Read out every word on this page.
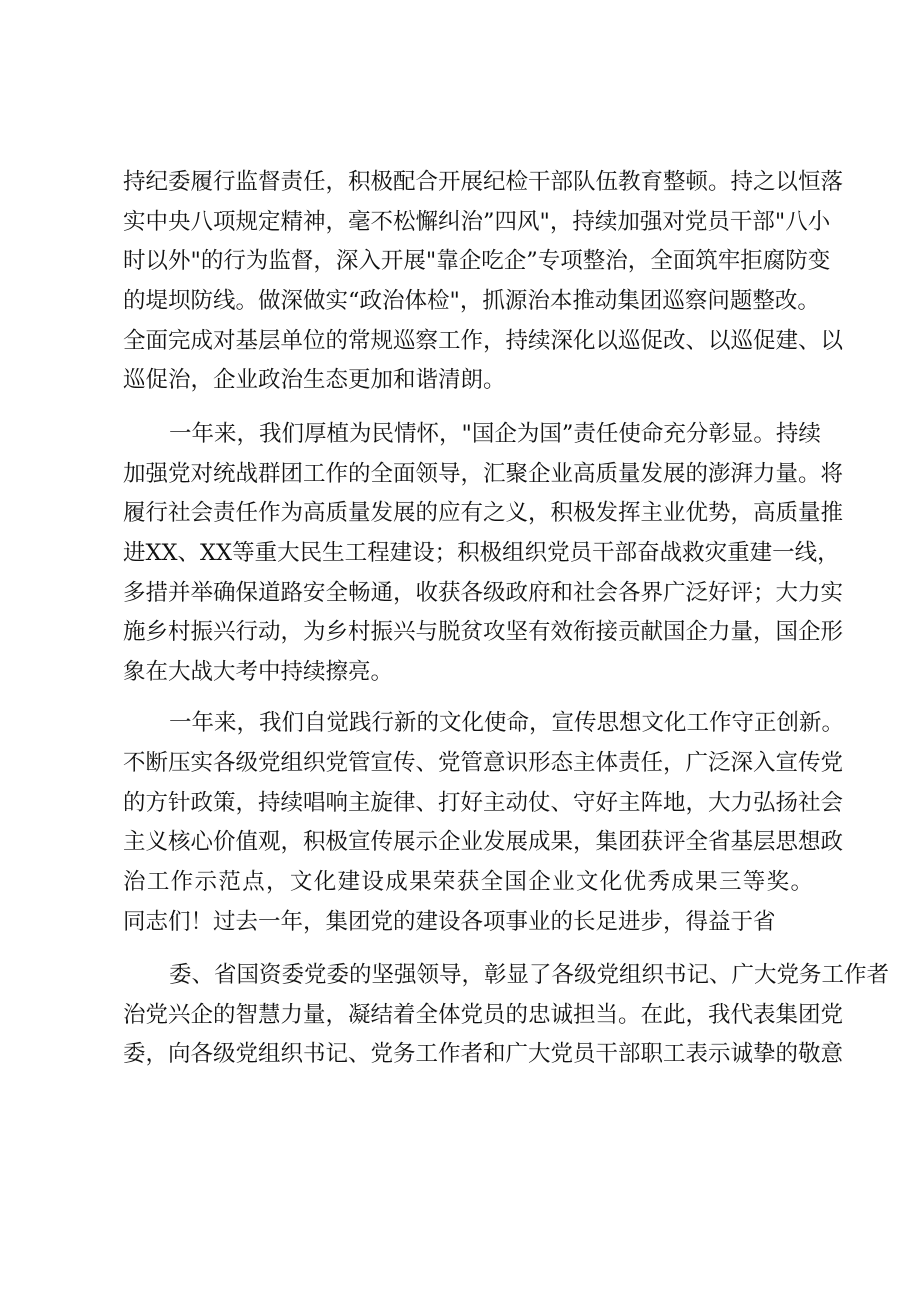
持纪委履行监督责任，积极配合开展纪检干部队伍教育整顿。持之以恒落
实中央八项规定精神，毫不松懈纠治”四风"，持续加强对党员干部"八小
时以外"的行为监督，深入开展"靠企吃企”专项整治，全面筑牢拒腐防变
的堤坝防线。做深做实“政治体检"，抓源治本推动集团巡察问题整改。
全面完成对基层单位的常规巡察工作，持续深化以巡促改、以巡促建、以
巡促治，企业政治生态更加和谐清朗。
一年来，我们厚植为民情怀，"国企为国”责任使命充分彰显。持续
加强党对统战群团工作的全面领导，汇聚企业高质量发展的澎湃力量。将
履行社会责任作为高质量发展的应有之义，积极发挥主业优势，高质量推
进XX、XX等重大民生工程建设；积极组织党员干部奋战救灾重建一线，
多措并举确保道路安全畅通，收获各级政府和社会各界广泛好评；大力实
施乡村振兴行动，为乡村振兴与脱贫攻坚有效衔接贡献国企力量，国企形
象在大战大考中持续擦亮。
一年来，我们自觉践行新的文化使命，宣传思想文化工作守正创新。
不断压实各级党组织党管宣传、党管意识形态主体责任，广泛深入宣传党
的方针政策，持续唱响主旋律、打好主动仗、守好主阵地，大力弘扬社会
主义核心价值观，积极宣传展示企业发展成果，集团获评全省基层思想政
治工作示范点，文化建设成果荣获全国企业文化优秀成果三等奖。
同志们！过去一年，集团党的建设各项事业的长足进步，得益于省
委、省国资委党委的坚强领导，彰显了各级党组织书记、广大党务工作者
治党兴企的智慧力量，凝结着全体党员的忠诚担当。在此，我代表集团党
委，向各级党组织书记、党务工作者和广大党员干部职工表示诚挚的敬意
